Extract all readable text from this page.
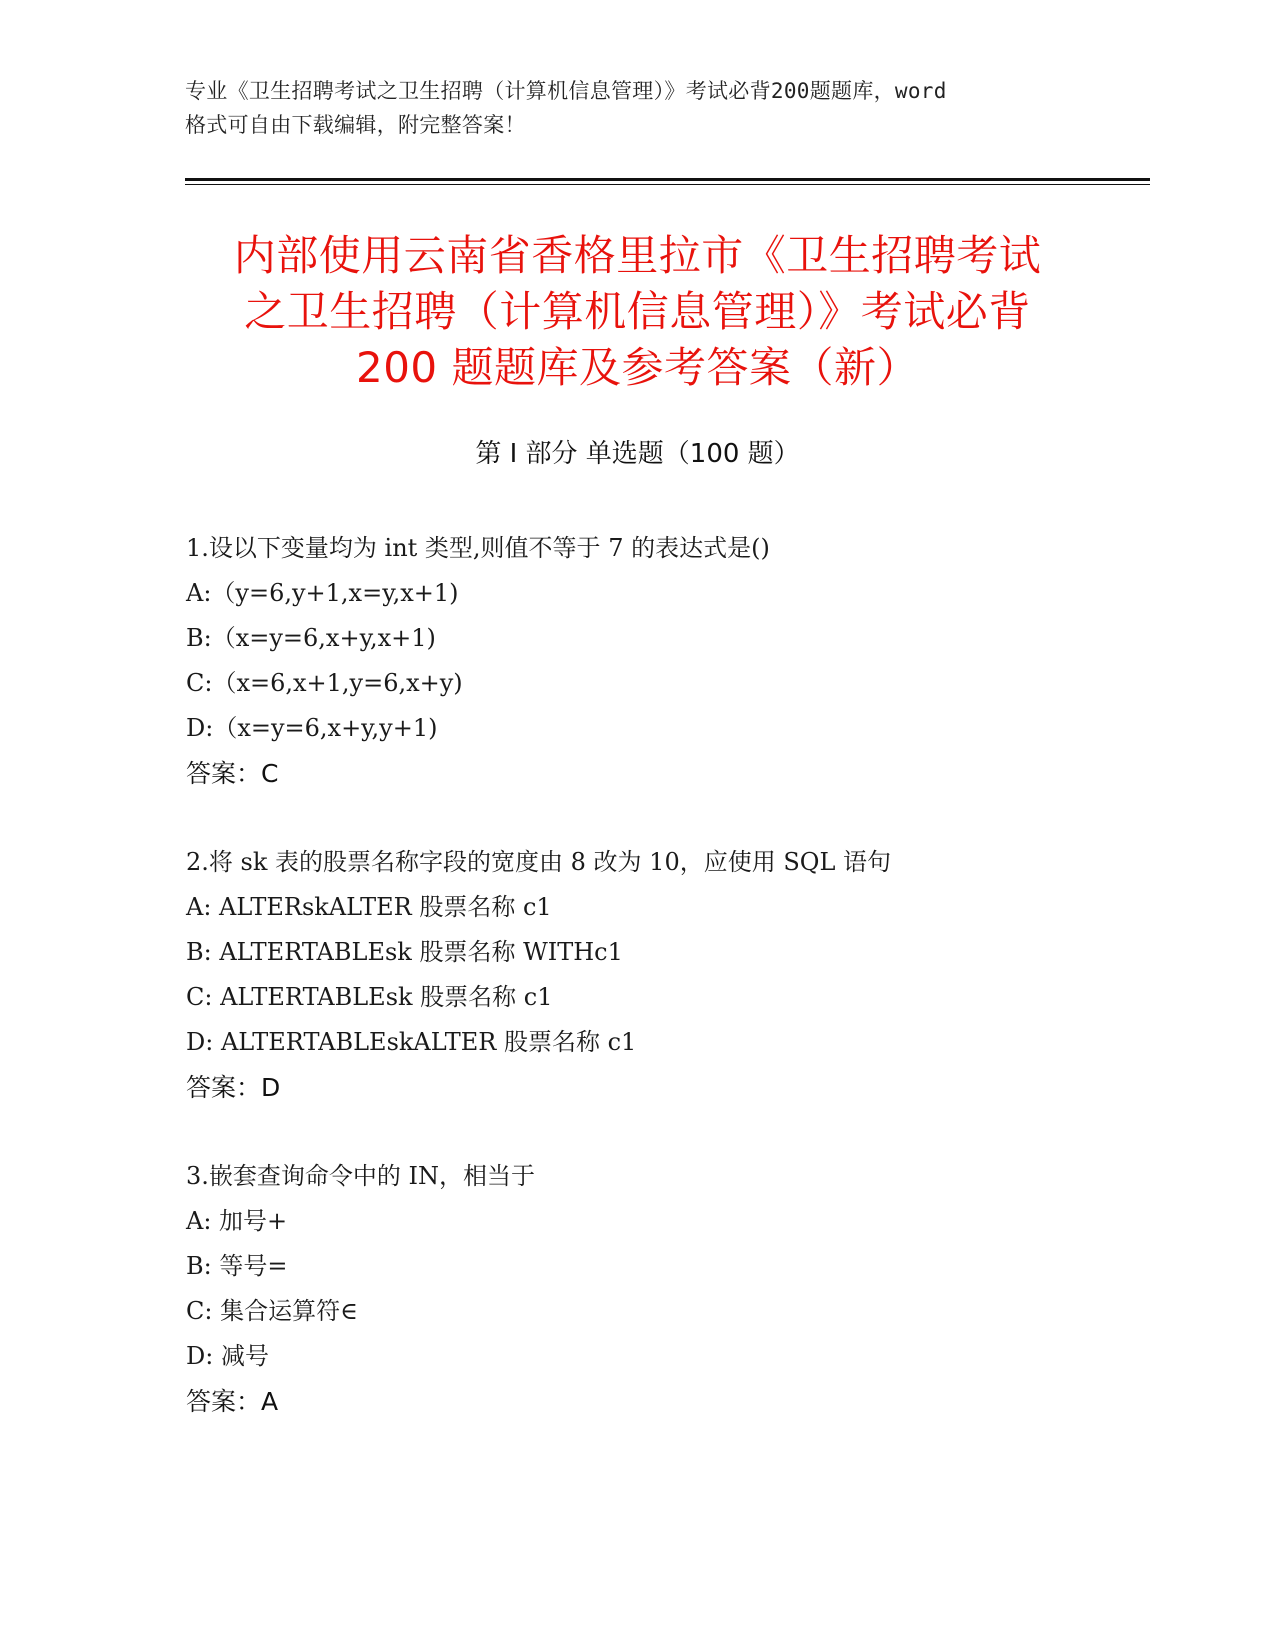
专业《卫生招聘考试之卫生招聘（计算机信息管理）》考试必背200题题库，word
格式可自由下载编辑，附完整答案！
内部使用云南省香格里拉市《卫生招聘考试
之卫生招聘（计算机信息管理）》考试必背
200 题题库及参考答案（新）
第 I 部分 单选题（100 题）
1.设以下变量均为 int 类型,则值不等于 7 的表达式是()
A:（y=6,y+1,x=y,x+1)
B:（x=y=6,x+y,x+1)
C:（x=6,x+1,y=6,x+y)
D:（x=y=6,x+y,y+1)
答案：C
2.将 sk 表的股票名称字段的宽度由 8 改为 10，应使用 SQL 语句
A: ALTERskALTER 股票名称 c1
B: ALTERTABLEsk 股票名称 WITHc1
C: ALTERTABLEsk 股票名称 c1
D: ALTERTABLEskALTER 股票名称 c1
答案：D
3.嵌套查询命令中的 IN，相当于
A: 加号+
B: 等号=
C: 集合运算符∈
D: 减号
答案：A
